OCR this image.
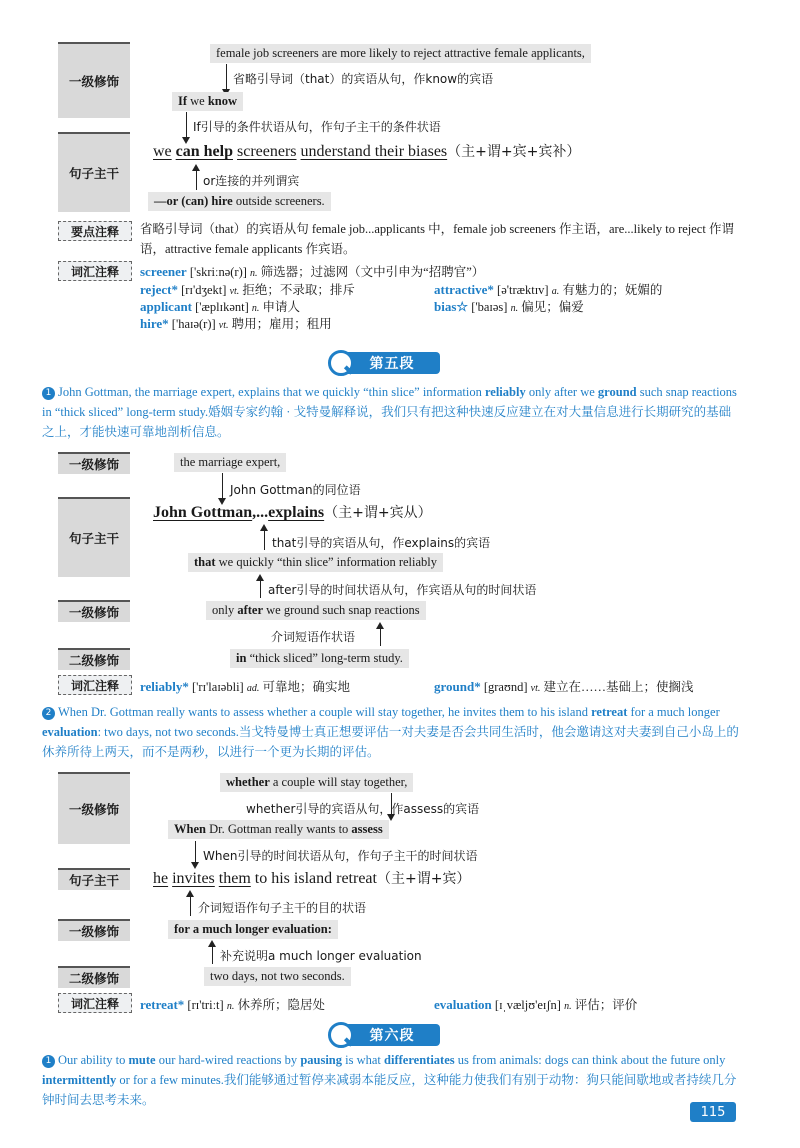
一级修饰
female job screeners are more likely to reject attractive female applicants,
省略引导词（that）的宾语从句，作know的宾语
If we know
If引导的条件状语从句，作句子主干的条件状语
句子主干
we can help screeners understand their biases（主+谓+宾+宾补）
or连接的并列谓宾
—or (can) hire outside screeners.
要点注释	省略引导词（that）的宾语从句 female job...applicants 中，female job screeners 作主语，are...likely to reject 作谓语，attractive female applicants 作宾语。
词汇注释	screener ['skriːnə(r)] n. 筛选器；过滤网（文中引申为“招聘官”）
reject* [rɪ'dʒekt] vt. 拒绝；不录取；排斥	attractive* [ə'træktɪv] a. 有魅力的；妩媚的
applicant ['æplɪkənt] n. 申请人	bias☆ ['baɪəs] n. 偏见；偏爱
hire* ['haɪə(r)] vt. 聘用；雇用；租用
第五段
1 John Gottman, the marriage expert, explains that we quickly “thin slice” information reliably only after we ground such snap reactions in “thick sliced” long-term study.婚姻专家约翰 · 戈特曼解释说，我们只有把这种快速反应建立在对大量信息进行长期研究的基础之上，才能快速可靠地剖析信息。
一级修饰	the marriage expert,
John Gottman的同位语
句子主干
John Gottman,...explains（主+谓+宾从）
that引导的宾语从句，作explains的宾语
that we quickly “thin slice” information reliably
after引导的时间状语从句，作宾语从句的时间状语
一级修饰	only after we ground such snap reactions
介词短语作状语
二级修饰	in “thick sliced” long-term study.
词汇注释	reliably* ['rɪ'laɪəbli] ad. 可靠地；确实地	ground* [graʊnd] vt. 建立在……基础上；使搁浅
2 When Dr. Gottman really wants to assess whether a couple will stay together, he invites them to his island retreat for a much longer evaluation: two days, not two seconds.当戈特曼博士真正想要评估一对夫妻是否会共同生活时，他会邀请这对夫妻到自己小岛上的休养所待上两天，而不是两秒，以进行一个更为长期的评估。
一级修饰
whether a couple will stay together,
whether引导的宾语从句，作assess的宾语
When Dr. Gottman really wants to assess
When引导的时间状语从句，作句子主干的时间状语
句子主干	he invites them to his island retreat（主+谓+宾）
介词短语作句子主干的目的状语
一级修饰	for a much longer evaluation:
补充说明a much longer evaluation
二级修饰	two days, not two seconds.
词汇注释	retreat* [rɪ'triːt] n. 休养所；隐居处	evaluation [ɪˌvæljʊ'eɪʃn] n. 评估；评价
第六段
1 Our ability to mute our hard-wired reactions by pausing is what differentiates us from animals: dogs can think about the future only intermittently or for a few minutes.我们能够通过暂停来减弱本能反应，这种能力使我们有别于动物：狗只能间歇地或者持续几分钟时间去思考未来。
115
